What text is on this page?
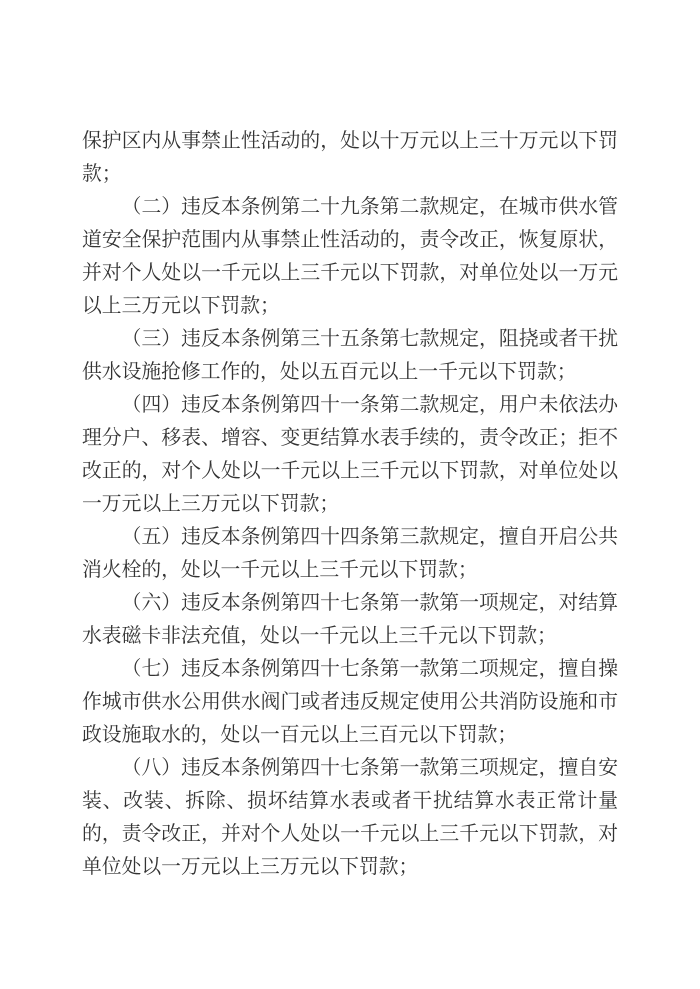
保护区内从事禁止性活动的，处以十万元以上三十万元以下罚款；

（二）违反本条例第二十九条第二款规定，在城市供水管道安全保护范围内从事禁止性活动的，责令改正，恢复原状，并对个人处以一千元以上三千元以下罚款，对单位处以一万元以上三万元以下罚款；

（三）违反本条例第三十五条第七款规定，阻挠或者干扰供水设施抢修工作的，处以五百元以上一千元以下罚款；

（四）违反本条例第四十一条第二款规定，用户未依法办理分户、移表、增容、变更结算水表手续的，责令改正；拒不改正的，对个人处以一千元以上三千元以下罚款，对单位处以一万元以上三万元以下罚款；

（五）违反本条例第四十四条第三款规定，擅自开启公共消火栓的，处以一千元以上三千元以下罚款；

（六）违反本条例第四十七条第一款第一项规定，对结算水表磁卡非法充值，处以一千元以上三千元以下罚款；

（七）违反本条例第四十七条第一款第二项规定，擅自操作城市供水公用供水阀门或者违反规定使用公共消防设施和市政设施取水的，处以一百元以上三百元以下罚款；

（八）违反本条例第四十七条第一款第三项规定，擅自安装、改装、拆除、损坏结算水表或者干扰结算水表正常计量的，责令改正，并对个人处以一千元以上三千元以下罚款，对单位处以一万元以上三万元以下罚款；
